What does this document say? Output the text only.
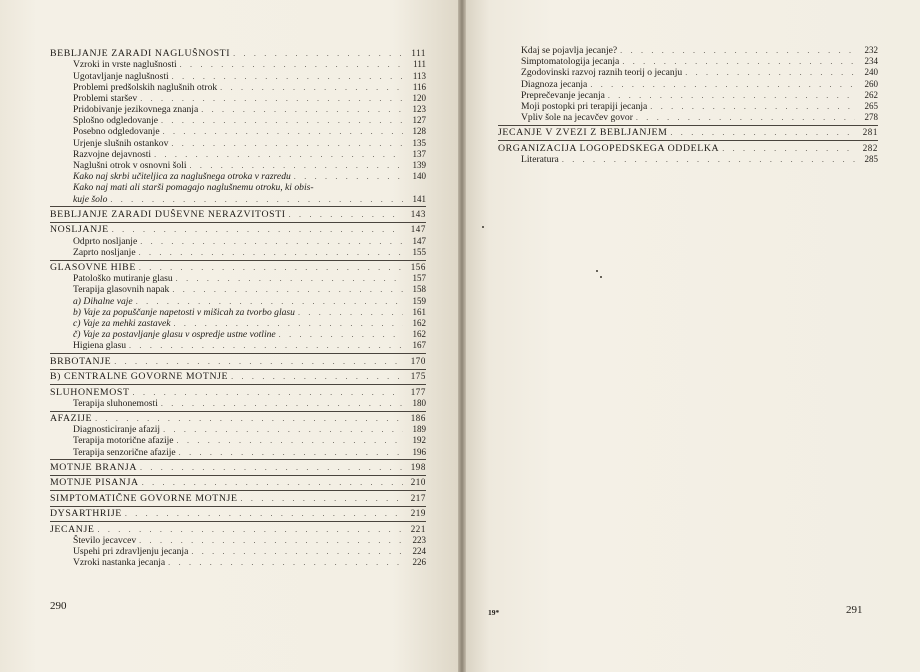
BEBLJANJE ZARADI NAGLUŠNOSTI . . .	111
Vzroki in vrste naglušnosti . . .	111
Ugotavljanje naglušnosti . . .	113
Problemi predšolskih naglušnih otrok . . .	116
Problemi staršev . . .	120
Pridobivanje jezikovnega znanja . . .	123
Splošno odgledovanje . . .	127
Posebno odgledovanje . . .	128
Urjenje slušnih ostankov . . .	135
Razvojne dejavnosti . . .	137
Naglušni otrok v osnovni šoli . . .	139
Kako naj skrbi učiteljica za naglušnega otroka v razredu . . .	140
Kako naj mati ali starši pomagajo naglušnemu otroku, ki obis-
kuje šolo . . .	141
BEBLJANJE ZARADI DUŠEVNE NERAZVITOSTI . . .	143
NOSLJANJE . . .	147
Odprto nosljanje . . .	147
Zaprto nosljanje . . .	155
GLASOVNE HIBE . . .	156
Patološko mutiranje glasu . . .	157
Terapija glasovnih napak . . .	158
a) Dihalne vaje . . .	159
b) Vaje za popuščanje napetosti v mišicah za tvorbo glasu . . .	161
c) Vaje za mehki zastavek . . .	162
č) Vaje za postavljanje glasu v ospredje ustne votline . . .	162
Higiena glasu . . .	167
BRBOTANJE . . .	170
B) CENTRALNE GOVORNE MOTNJE . . .	175
SLUHONEMOST . . .	177
Terapija sluhonemosti . . .	180
AFAZIJE . . .	186
Diagnosticiranje afazij . . .	189
Terapija motorične afazije . . .	192
Terapija senzorične afazije . . .	196
MOTNJE BRANJA . . .	198
MOTNJE PISANJA . . .	210
SIMPTOMATIČNE GOVORNE MOTNJE . . .	217
DYSARTHRIJE . . .	219
JECANJE . . .	221
Število jecavcev . . .	223
Uspehi pri zdravljenju jecanja . . .	224
Vzroki nastanka jecanja . . .	226
290
Kdaj se pojavlja jecanje? . . .	232
Simptomatologija jecanja . . .	234
Zgodovinski razvoj raznih teorij o jecanju . . .	240
Diagnoza jecanja . . .	260
Preprečevanje jecanja . . .	262
Moji postopki pri terapiji jecanja . . .	265
Vpliv šole na jecavčev govor . . .	278
JECANJE V ZVEZI Z BEBLJANJEM . . .	281
ORGANIZACIJA LOGOPEDSKEGA ODDELKA . . .	282
Literatura . . .	285
19*	291
